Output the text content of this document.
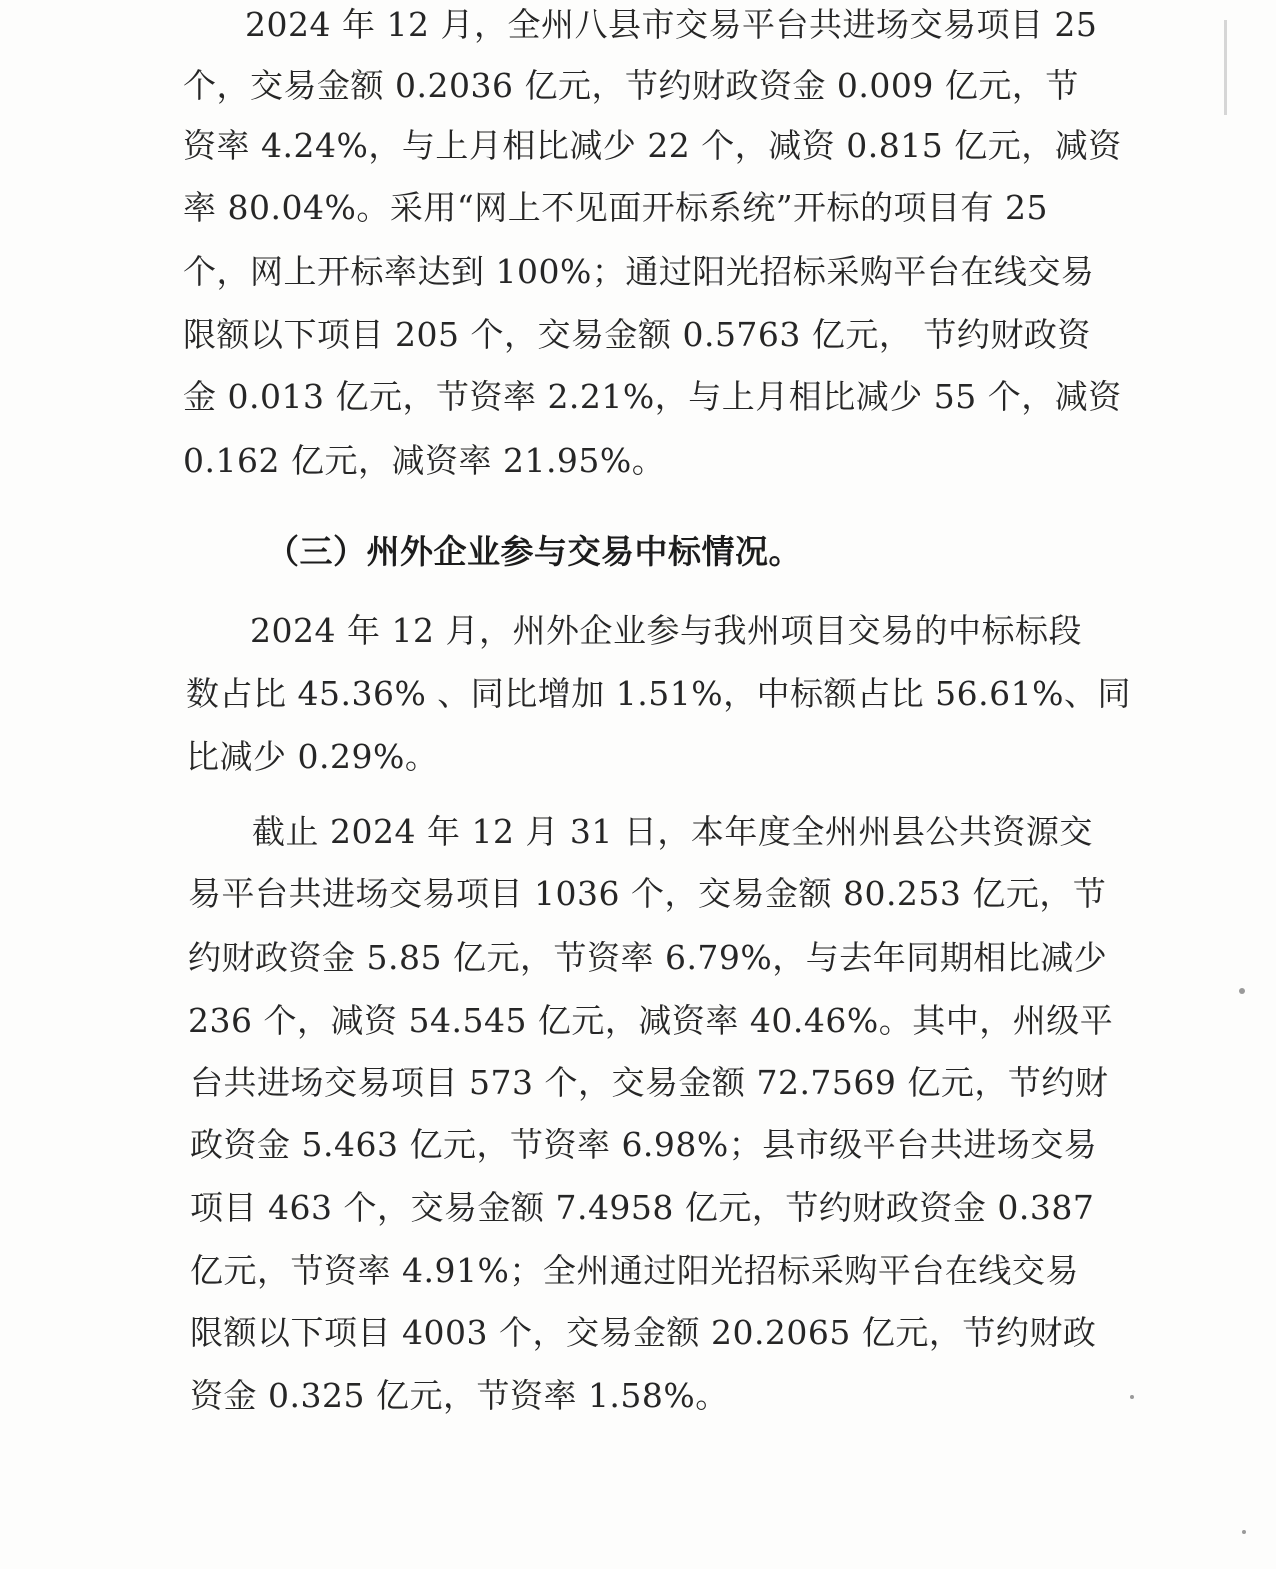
2024 年 12 月，全州八县市交易平台共进场交易项目 25
个，交易金额 0.2036 亿元，节约财政资金 0.009 亿元，节
资率 4.24%，与上月相比减少 22 个，减资 0.815 亿元，减资
率 80.04%。采用“网上不见面开标系统”开标的项目有 25
个，网上开标率达到 100%；通过阳光招标采购平台在线交易
限额以下项目 205 个，交易金额 0.5763 亿元， 节约财政资
金 0.013 亿元，节资率 2.21%，与上月相比减少 55 个，减资
0.162 亿元，减资率 21.95%。
（三）州外企业参与交易中标情况。
2024 年 12 月，州外企业参与我州项目交易的中标标段
数占比 45.36% 、同比增加 1.51%，中标额占比 56.61%、同
比减少 0.29%。
截止 2024 年 12 月 31 日，本年度全州州县公共资源交
易平台共进场交易项目 1036 个，交易金额 80.253 亿元，节
约财政资金 5.85 亿元，节资率 6.79%，与去年同期相比减少
236 个，减资 54.545 亿元，减资率 40.46%。其中，州级平
台共进场交易项目 573 个，交易金额 72.7569 亿元，节约财
政资金 5.463 亿元，节资率 6.98%；县市级平台共进场交易
项目 463 个，交易金额 7.4958 亿元，节约财政资金 0.387
亿元，节资率 4.91%；全州通过阳光招标采购平台在线交易
限额以下项目 4003 个，交易金额 20.2065 亿元，节约财政
资金 0.325 亿元，节资率 1.58%。
